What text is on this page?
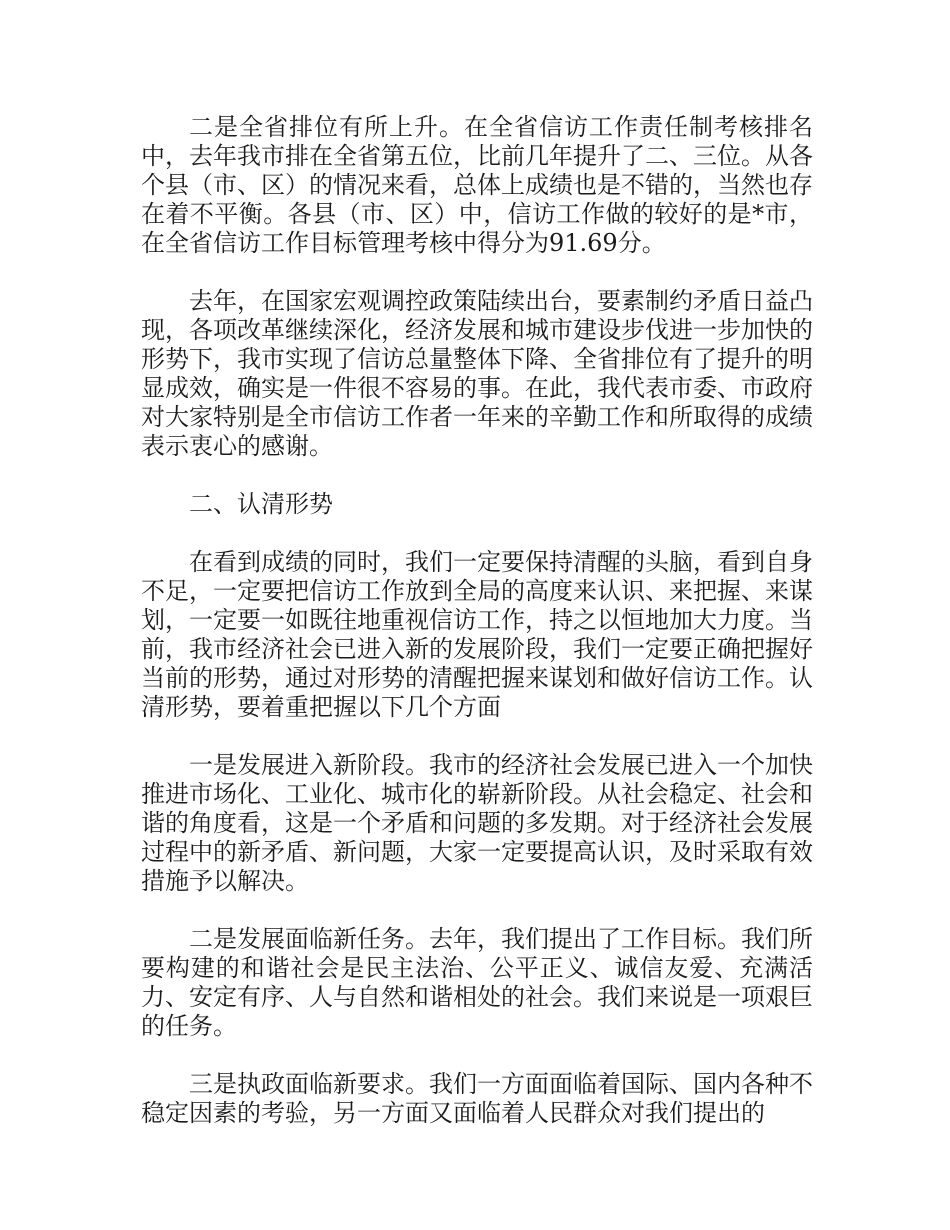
二是全省排位有所上升。在全省信访工作责任制考核排名中，去年我市排在全省第五位，比前几年提升了二、三位。从各个县（市、区）的情况来看，总体上成绩也是不错的，当然也存在着不平衡。各县（市、区）中，信访工作做的较好的是*市，在全省信访工作目标管理考核中得分为91.69分。

去年，在国家宏观调控政策陆续出台，要素制约矛盾日益凸现，各项改革继续深化，经济发展和城市建设步伐进一步加快的形势下，我市实现了信访总量整体下降、全省排位有了提升的明显成效，确实是一件很不容易的事。在此，我代表市委、市政府对大家特别是全市信访工作者一年来的辛勤工作和所取得的成绩表示衷心的感谢。

二、认清形势

在看到成绩的同时，我们一定要保持清醒的头脑，看到自身不足，一定要把信访工作放到全局的高度来认识、来把握、来谋划，一定要一如既往地重视信访工作，持之以恒地加大力度。当前，我市经济社会已进入新的发展阶段，我们一定要正确把握好当前的形势，通过对形势的清醒把握来谋划和做好信访工作。认清形势，要着重把握以下几个方面

一是发展进入新阶段。我市的经济社会发展已进入一个加快推进市场化、工业化、城市化的崭新阶段。从社会稳定、社会和谐的角度看，这是一个矛盾和问题的多发期。对于经济社会发展过程中的新矛盾、新问题，大家一定要提高认识，及时采取有效措施予以解决。

二是发展面临新任务。去年，我们提出了工作目标。我们所要构建的和谐社会是民主法治、公平正义、诚信友爱、充满活力、安定有序、人与自然和谐相处的社会。我们来说是一项艰巨的任务。

三是执政面临新要求。我们一方面面临着国际、国内各种不稳定因素的考验，另一方面又面临着人民群众对我们提出的
